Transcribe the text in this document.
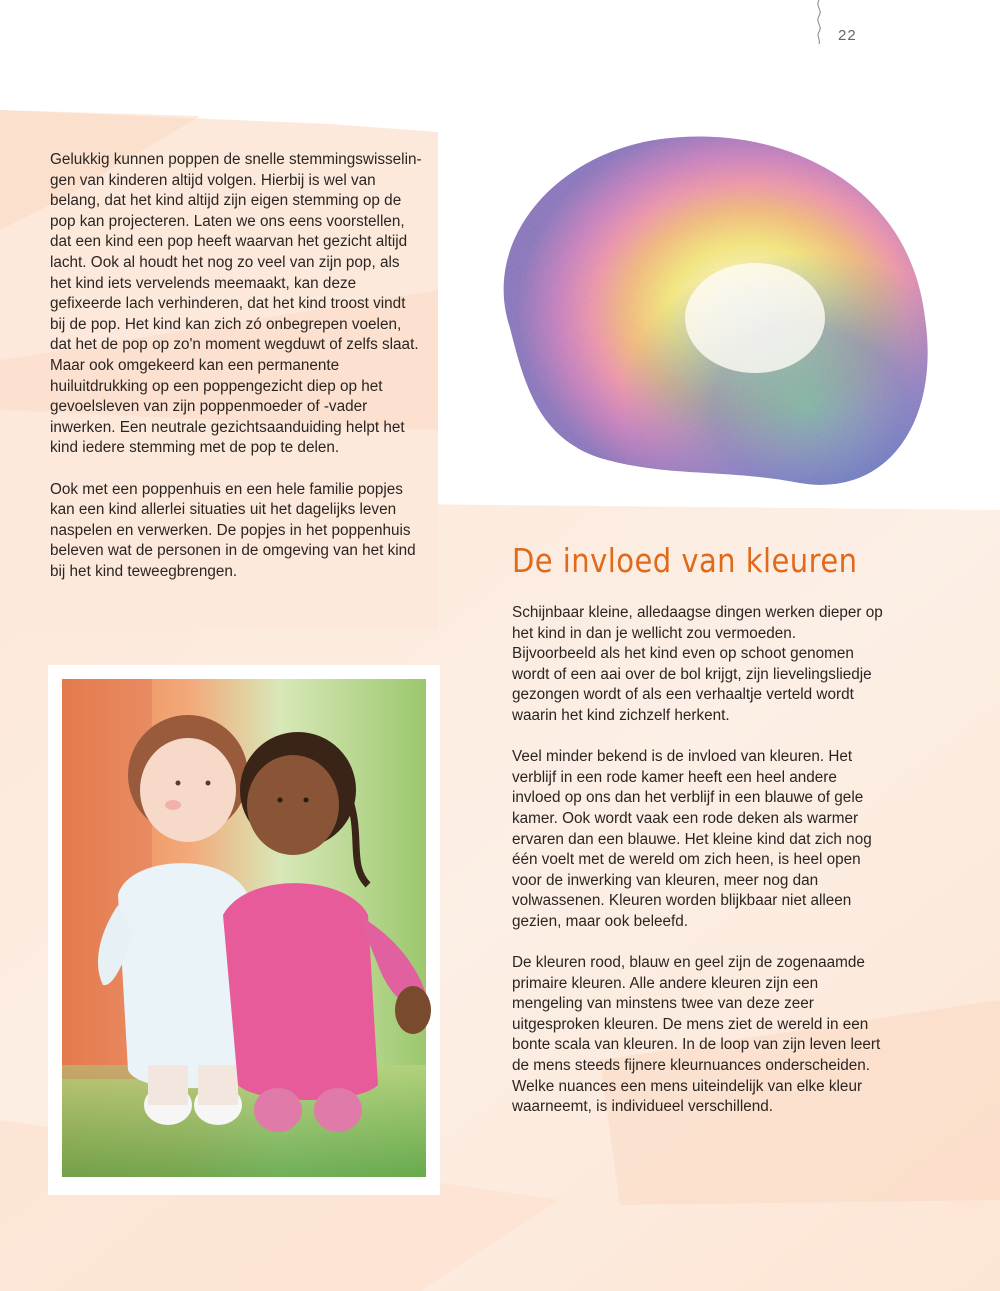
22

Gelukkig kunnen poppen de snelle stemmingswisselingen van kinderen altijd volgen. Hierbij is wel van belang, dat het kind altijd zijn eigen stemming op de pop kan projecteren. Laten we ons eens voorstellen, dat een kind een pop heeft waarvan het gezicht altijd lacht. Ook al houdt het nog zo veel van zijn pop, als het kind iets vervelends meemaakt, kan deze gefixeerde lach verhinderen, dat het kind troost vindt bij de pop. Het kind kan zich zó onbegrepen voelen, dat het de pop op zo'n moment wegduwt of zelfs slaat. Maar ook omgekeerd kan een permanente huiluitdrukking op een poppengezicht diep op het gevoelsleven van zijn poppenmoeder of -vader inwerken. Een neutrale gezichtsaanduiding helpt het kind iedere stemming met de pop te delen.

Ook met een poppenhuis en een hele familie popjes kan een kind allerlei situaties uit het dagelijks leven naspelen en verwerken. De popjes in het poppenhuis beleven wat de personen in de omgeving van het kind bij het kind teweegbrengen.	De invloed van kleuren

Schijnbaar kleine, alledaagse dingen werken dieper op het kind in dan je wellicht zou vermoeden. Bijvoorbeeld als het kind even op schoot genomen wordt of een aai over de bol krijgt, zijn lievelingsliedje gezongen wordt of als een verhaaltje verteld wordt waarin het kind zichzelf herkent.

Veel minder bekend is de invloed van kleuren. Het verblijf in een rode kamer heeft een heel andere invloed op ons dan het verblijf in een blauwe of gele kamer. Ook wordt vaak een rode deken als warmer ervaren dan een blauwe. Het kleine kind dat zich nog één voelt met de wereld om zich heen, is heel open voor de inwerking van kleuren, meer nog dan volwassenen. Kleuren worden blijkbaar niet alleen gezien, maar ook beleefd.

De kleuren rood, blauw en geel zijn de zogenaamde primaire kleuren. Alle andere kleuren zijn een mengeling van minstens twee van deze zeer uitgesproken kleuren. De mens ziet de wereld in een bonte scala van kleuren. In de loop van zijn leven leert de mens steeds fijnere kleurnuances onderscheiden. Welke nuances een mens uiteindelijk van elke kleur waarneemt, is individueel verschillend.
